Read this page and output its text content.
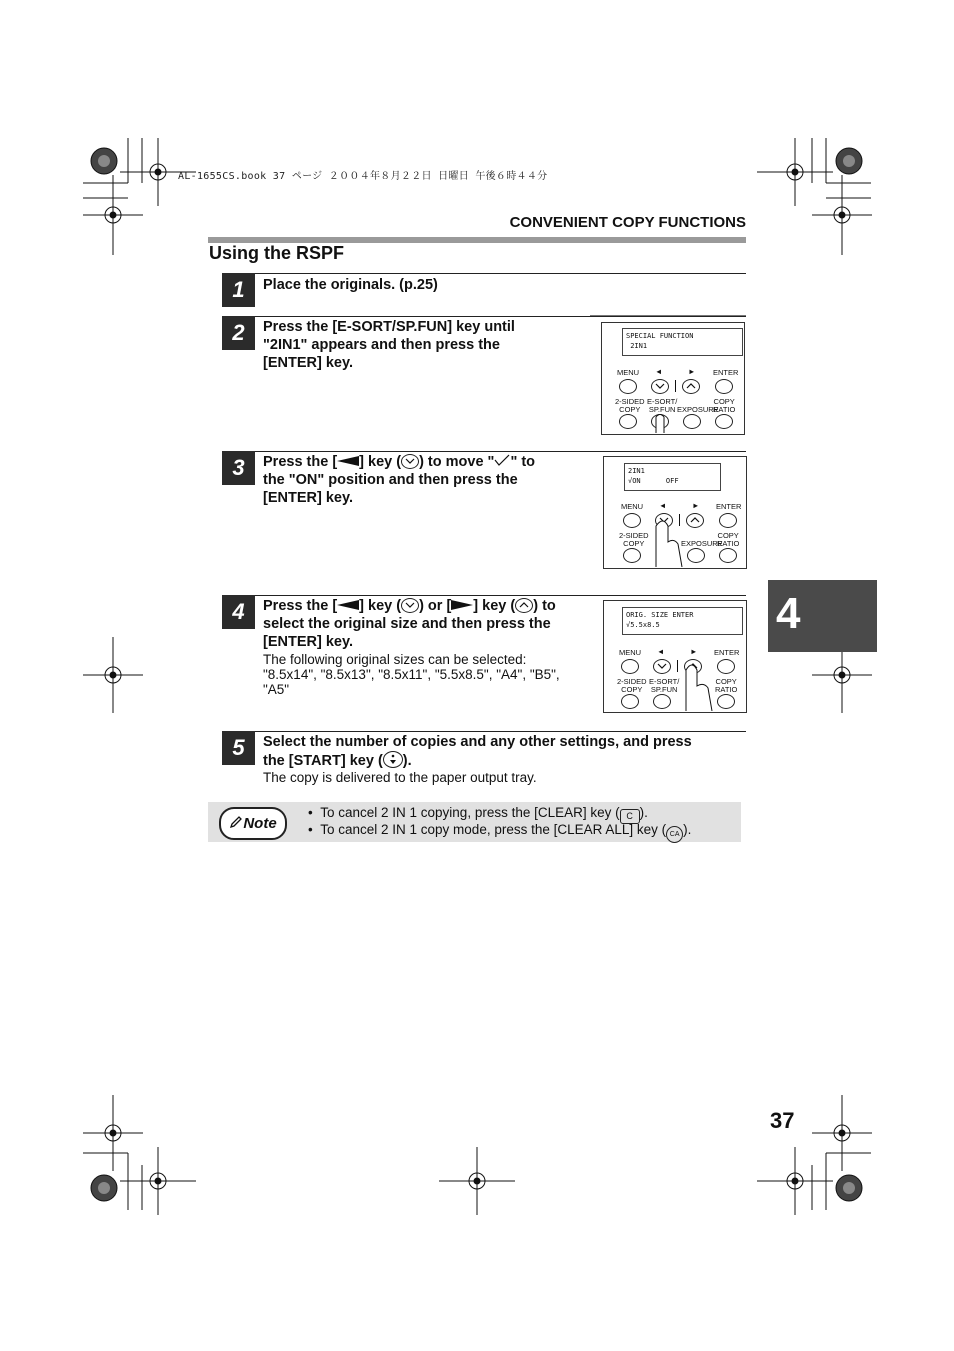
AL-1655CS.book 37 ページ ２００４年８月２２日 日曜日 午後６時４４分
CONVENIENT COPY FUNCTIONS
Using the RSPF
1	Place the originals. (p.25)
2	Press the [E-SORT/SP.FUN] key until
"2IN1" appears and then press the
[ENTER] key.
SPECIAL FUNCTION
2IN1
MENU ◄	► ENTER
2-SIDED
COPY
E-SORT/
SP.FUN EXPOSURE
COPY
RATIO
3	Press the [ ] key ( ) to move " " to
the "ON" position and then press the
[ENTER] key.
2IN1
√ON      OFF
MENU ◄	► ENTER
2-SIDED
COPY	EXPOSURE
COPY
RATIO
4	Press the [ ] key ( ) or [ ] key ( ) to
select the original size and then press the
[ENTER] key.
The following original sizes can be selected:
"8.5x14", "8.5x13", "8.5x11", "5.5x8.5", "A4", "B5",
"A5"
ORIG. SIZE ENTER
√5.5x8.5
MENU ◄	► ENTER
2-SIDED
COPY
E-SORT/
SP.FUN
COPY
RATIO
5	Select the number of copies and any other settings, and press
the [START] key ( ).
The copy is delivered to the paper output tray.
Note
•  To cancel 2 IN 1 copying, press the [CLEAR] key ( C ).
•  To cancel 2 IN 1 copy mode, press the [CLEAR ALL] key ( CA ).
4
37
